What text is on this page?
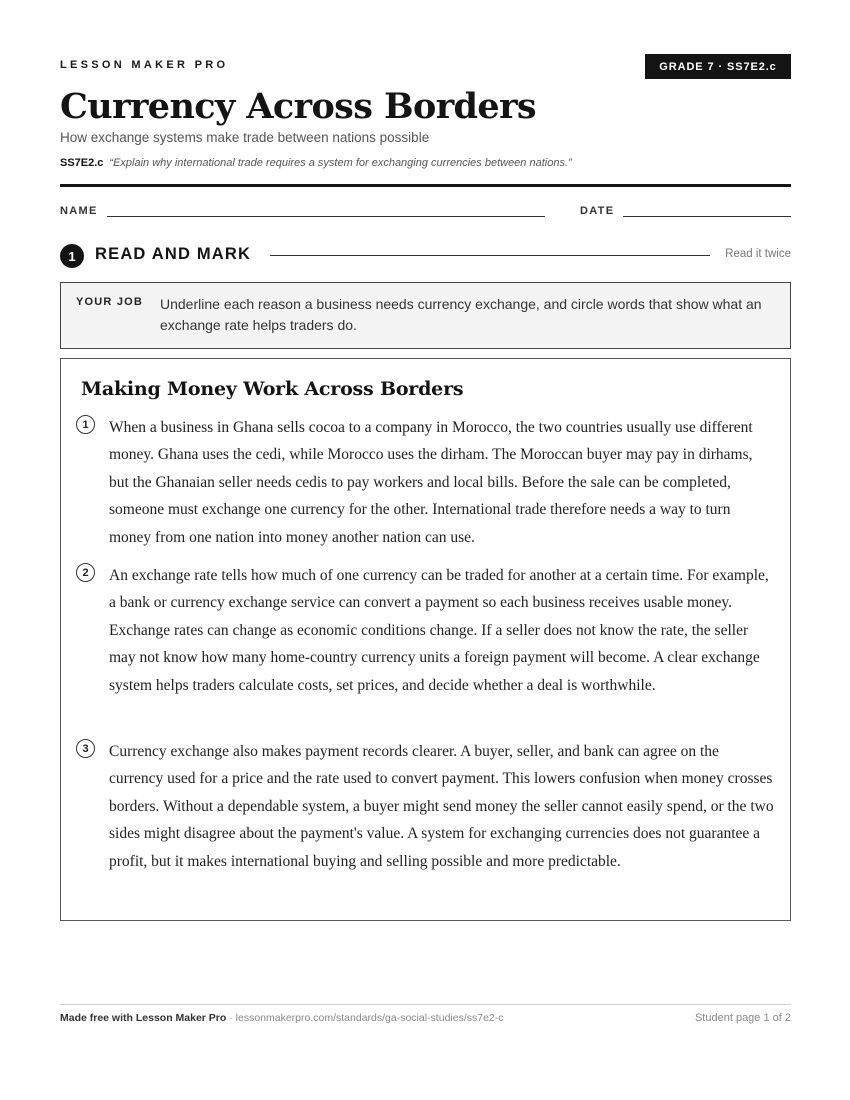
LESSON MAKER PRO	GRADE 7 · SS7E2.c
Currency Across Borders
How exchange systems make trade between nations possible
SS7E2.c “Explain why international trade requires a system for exchanging currencies between nations.”
NAME	DATE
1	READ AND MARK	Read it twice
YOUR JOB Underline each reason a business needs currency exchange, and circle words that show what an exchange rate helps traders do.
Making Money Work Across Borders
1	When a business in Ghana sells cocoa to a company in Morocco, the two countries usually use different money. Ghana uses the cedi, while Morocco uses the dirham. The Moroccan buyer may pay in dirhams, but the Ghanaian seller needs cedis to pay workers and local bills. Before the sale can be completed, someone must exchange one currency for the other. International trade therefore needs a way to turn money from one nation into money another nation can use.

2	An exchange rate tells how much of one currency can be traded for another at a certain time. For example, a bank or currency exchange service can convert a payment so each business receives usable money. Exchange rates can change as economic conditions change. If a seller does not know the rate, the seller may not know how many home-country currency units a foreign payment will become. A clear exchange system helps traders calculate costs, set prices, and decide whether a deal is worthwhile.

3	Currency exchange also makes payment records clearer. A buyer, seller, and bank can agree on the currency used for a price and the rate used to convert payment. This lowers confusion when money crosses borders. Without a dependable system, a buyer might send money the seller cannot easily spend, or the two sides might disagree about the payment's value. A system for exchanging currencies does not guarantee a profit, but it makes international buying and selling possible and more predictable.

Made free with Lesson Maker Pro · lessonmakerpro.com/standards/ga-social-studies/ss7e2-c	Student page 1 of 2
